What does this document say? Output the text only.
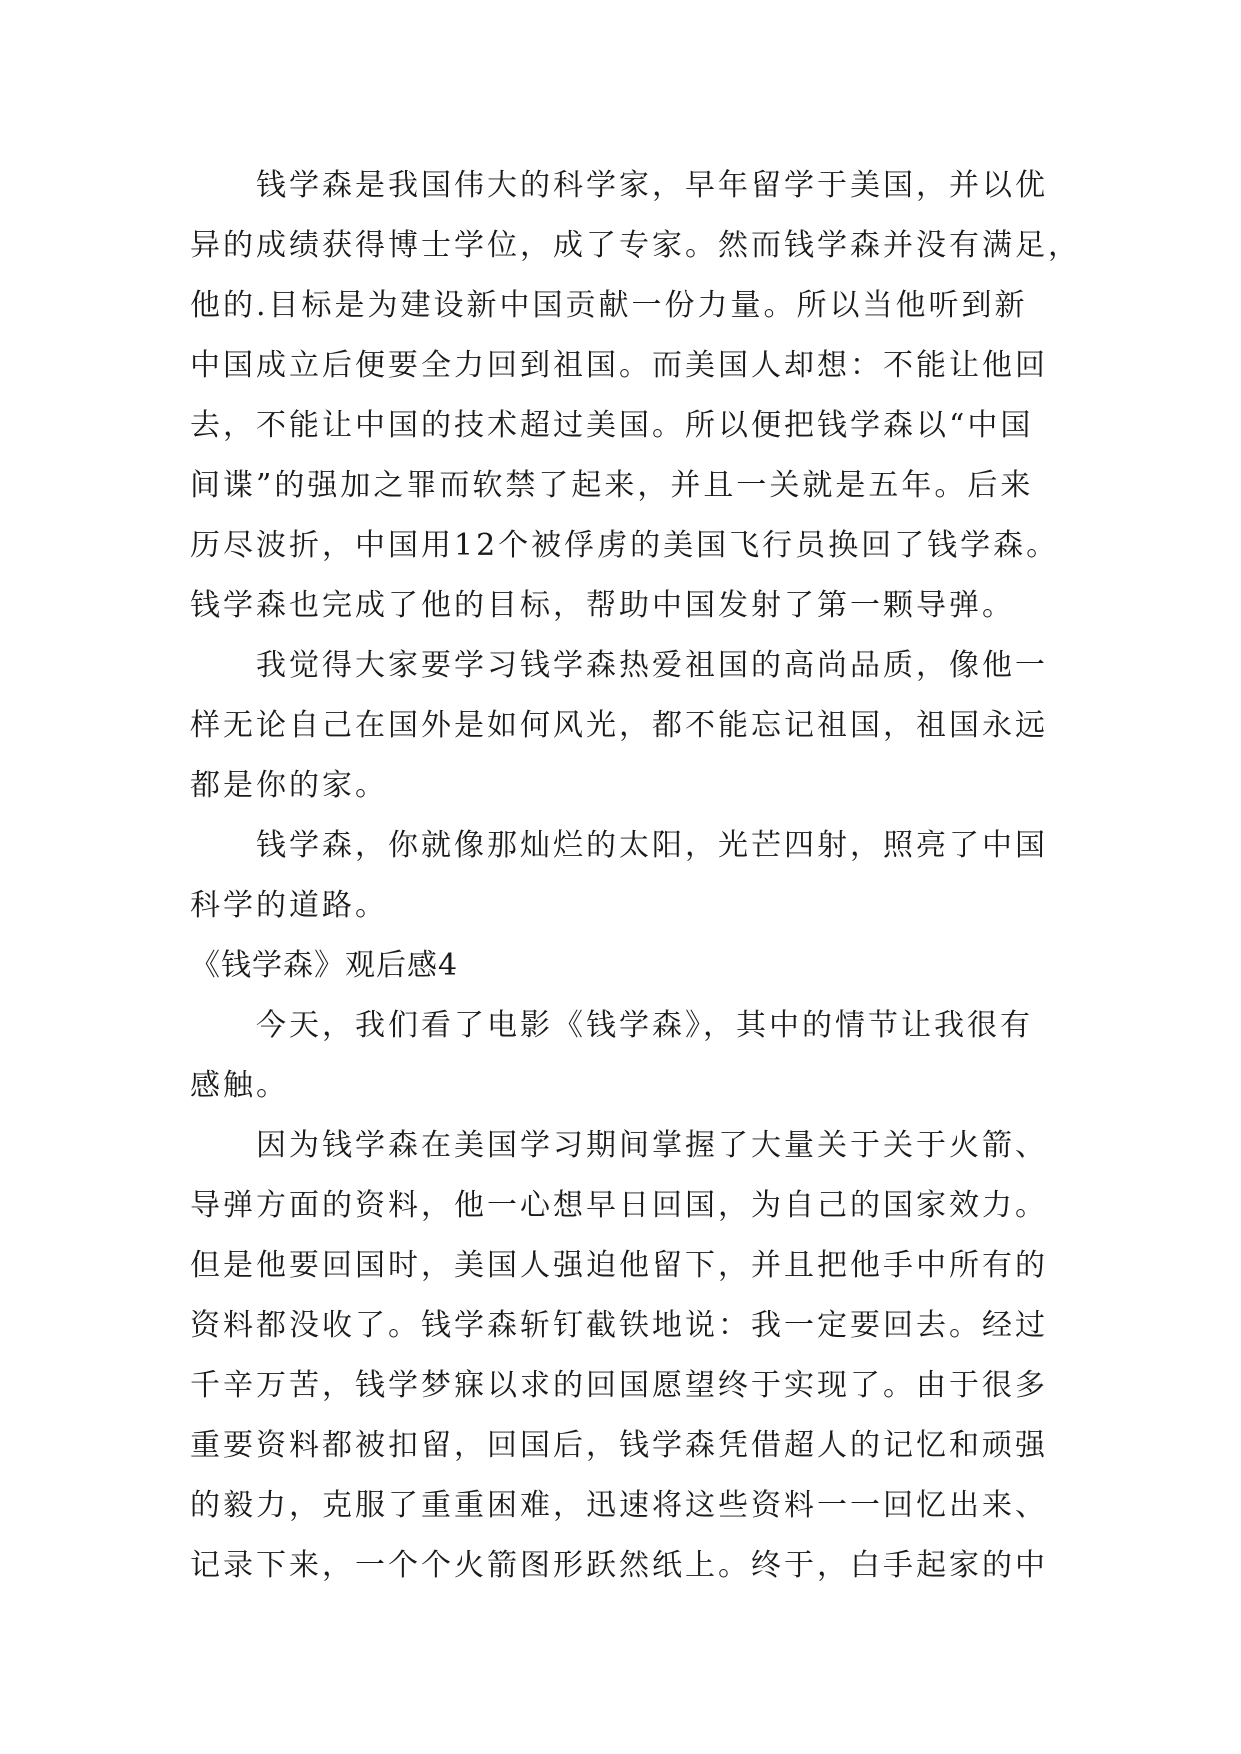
钱学森是我国伟大的科学家，早年留学于美国，并以优
异的成绩获得博士学位，成了专家。然而钱学森并没有满足，
他的.目标是为建设新中国贡献一份力量。所以当他听到新
中国成立后便要全力回到祖国。而美国人却想：不能让他回
去，不能让中国的技术超过美国。所以便把钱学森以“中国
间谍”的强加之罪而软禁了起来，并且一关就是五年。后来
历尽波折，中国用12个被俘虏的美国飞行员换回了钱学森。
钱学森也完成了他的目标，帮助中国发射了第一颗导弹。

我觉得大家要学习钱学森热爱祖国的高尚品质，像他一
样无论自己在国外是如何风光，都不能忘记祖国，祖国永远
都是你的家。

钱学森，你就像那灿烂的太阳，光芒四射，照亮了中国
科学的道路。

《钱学森》观后感4

今天，我们看了电影《钱学森》，其中的情节让我很有
感触。

因为钱学森在美国学习期间掌握了大量关于关于火箭、
导弹方面的资料，他一心想早日回国，为自己的国家效力。
但是他要回国时，美国人强迫他留下，并且把他手中所有的
资料都没收了。钱学森斩钉截铁地说：我一定要回去。经过
千辛万苦，钱学梦寐以求的回国愿望终于实现了。由于很多
重要资料都被扣留，回国后，钱学森凭借超人的记忆和顽强
的毅力，克服了重重困难，迅速将这些资料一一回忆出来、
记录下来，一个个火箭图形跃然纸上。终于，白手起家的中
